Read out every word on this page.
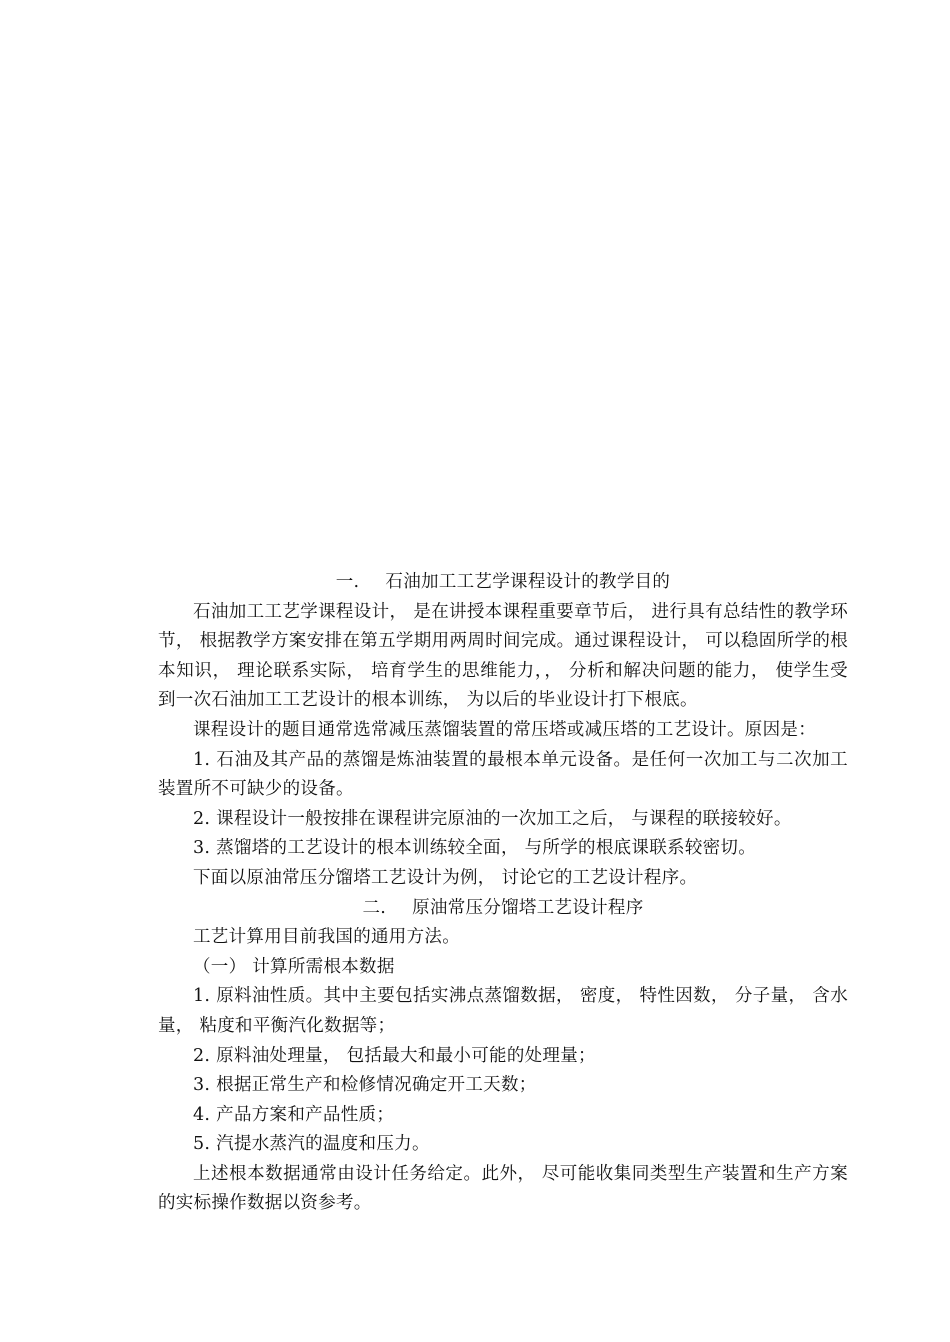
一. 石油加工工艺学课程设计的教学目的

石油加工工艺学课程设计， 是在讲授本课程重要章节后， 进行具有总结性的教学环节， 根据教学方案安排在第五学期用两周时间完成。通过课程设计， 可以稳固所学的根本知识， 理论联系实际， 培育学生的思维能力，， 分析和解决问题的能力， 使学生受到一次石油加工工艺设计的根本训练， 为以后的毕业设计打下根底。

课程设计的题目通常选常减压蒸馏装置的常压塔或减压塔的工艺设计。原因是：

1. 石油及其产品的蒸馏是炼油装置的最根本单元设备。是任何一次加工与二次加工装置所不可缺少的设备。

2. 课程设计一般按排在课程讲完原油的一次加工之后， 与课程的联接较好。

3. 蒸馏塔的工艺设计的根本训练较全面， 与所学的根底课联系较密切。

下面以原油常压分馏塔工艺设计为例， 讨论它的工艺设计程序。

二. 原油常压分馏塔工艺设计程序

工艺计算用目前我国的通用方法。

（一） 计算所需根本数据

1. 原料油性质。其中主要包括实沸点蒸馏数据， 密度， 特性因数， 分子量， 含水量， 粘度和平衡汽化数据等；

2. 原料油处理量， 包括最大和最小可能的处理量；

3. 根据正常生产和检修情况确定开工天数；

4. 产品方案和产品性质；

5. 汽提水蒸汽的温度和压力。

上述根本数据通常由设计任务给定。此外， 尽可能收集同类型生产装置和生产方案的实标操作数据以资参考。
